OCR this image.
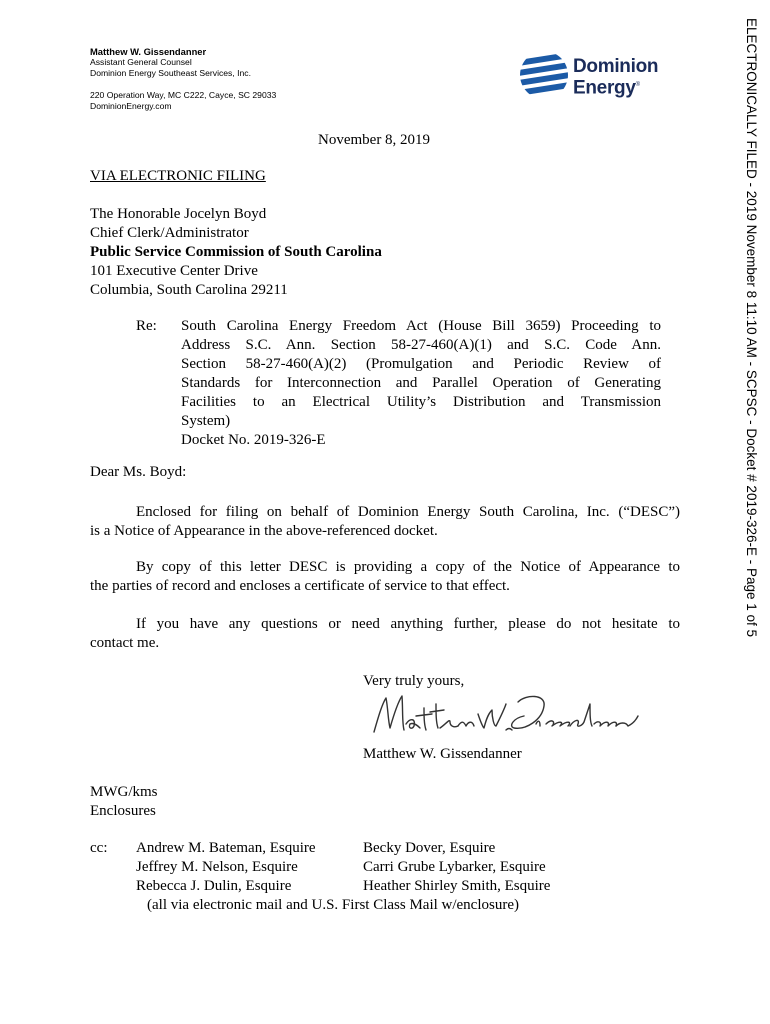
Matthew W. Gissendanner
Assistant General Counsel
Dominion Energy Southeast Services, Inc.
220 Operation Way, MC C222, Cayce, SC 29033
DominionEnergy.com
Dominion
Energy®	ELECTRONICALLY FILED - 2019 November 8 11:10 AM - SCPSC - Docket # 2019-326-E - Page 1 of 5
November 8, 2019
VIA ELECTRONIC FILING
The Honorable Jocelyn Boyd
Chief Clerk/Administrator
Public Service Commission of South Carolina
101 Executive Center Drive
Columbia, South Carolina 29211
Re: South Carolina Energy Freedom Act (House Bill 3659) Proceeding to
Address S.C. Ann. Section 58-27-460(A)(1) and S.C. Code Ann.
Section 58-27-460(A)(2) (Promulgation and Periodic Review of
Standards for Interconnection and Parallel Operation of Generating
Facilities to an Electrical Utility’s Distribution and Transmission
System)
Docket No. 2019-326-E
Dear Ms. Boyd:
Enclosed for filing on behalf of Dominion Energy South Carolina, Inc. (“DESC”)
is a Notice of Appearance in the above-referenced docket.
By copy of this letter DESC is providing a copy of the Notice of Appearance to
the parties of record and encloses a certificate of service to that effect.
If you have any questions or need anything further, please do not hesitate to
contact me.
Very truly yours,
Matthew W. Gissendanner
MWG/kms
Enclosures
cc: Andrew M. Bateman, Esquire
Jeffrey M. Nelson, Esquire
Rebecca J. Dulin, Esquire
Becky Dover, Esquire
Carri Grube Lybarker, Esquire
Heather Shirley Smith, Esquire
(all via electronic mail and U.S. First Class Mail w/enclosure)
